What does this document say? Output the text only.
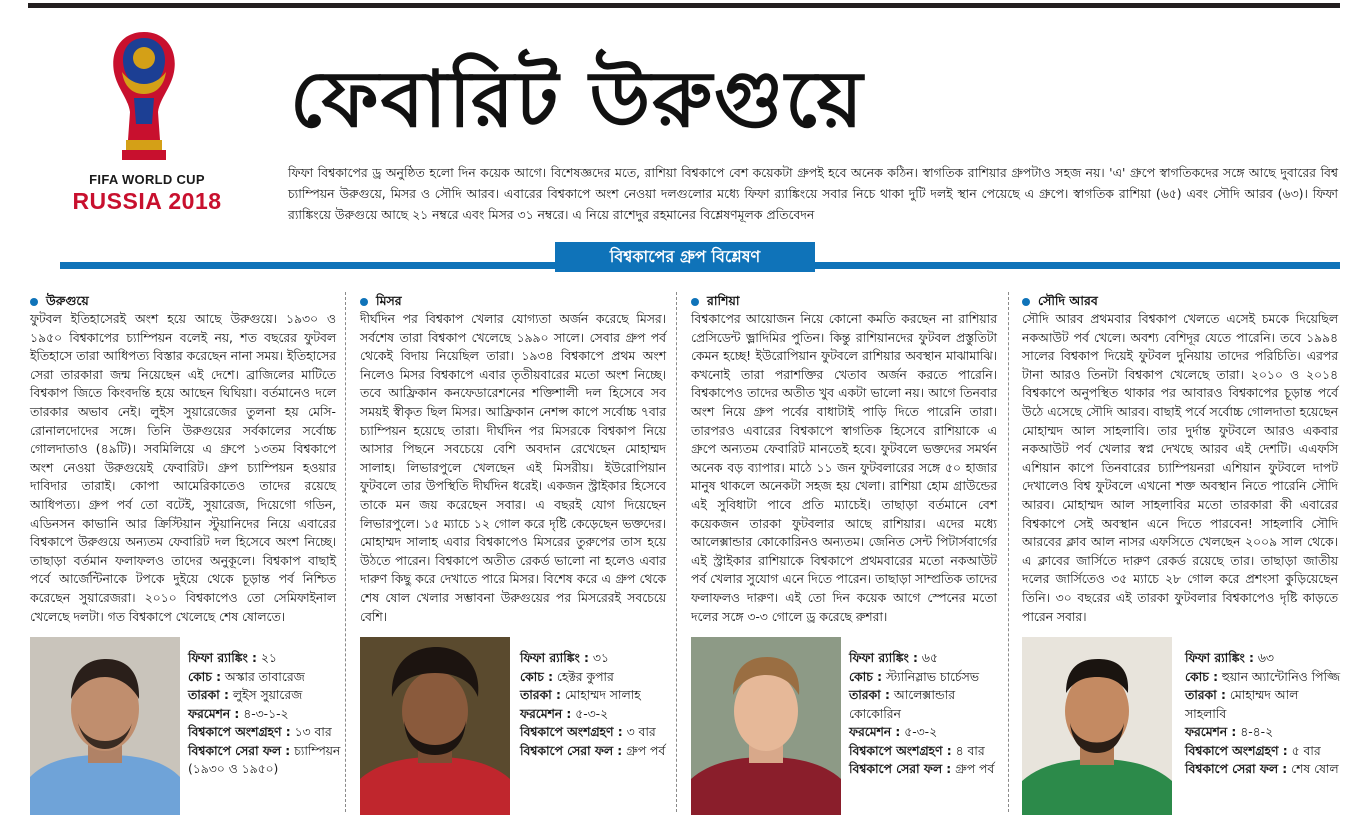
FIFA WORLD CUP
RUSSIA 2018
ফেবারিট উরুগুয়ে

ফিফা বিশ্বকাপের ড্র অনুষ্ঠিত হলো দিন কয়েক আগে। বিশেষজ্ঞদের মতে, রাশিয়া বিশ্বকাপে বেশ কয়েকটা গ্রুপই হবে অনেক কঠিন। স্বাগতিক রাশিয়ার গ্রুপটাও সহজ নয়। 'এ' গ্রুপে স্বাগতিকদের সঙ্গে আছে দুবারের বিশ্ব চ্যাম্পিয়ন উরুগুয়ে, মিসর ও সৌদি আরব। এবারের বিশ্বকাপে অংশ নেওয়া দলগুলোর মধ্যে ফিফা র‍্যাঙ্কিংয়ে সবার নিচে থাকা দুটি দলই স্থান পেয়েছে এ গ্রুপে। স্বাগতিক রাশিয়া (৬৫) এবং সৌদি আরব (৬৩)। ফিফা র‍্যাঙ্কিংয়ে উরুগুয়ে আছে ২১ নম্বরে এবং মিসর ৩১ নম্বরে। এ নিয়ে রাশেদুর রহমানের বিশ্লেষণমূলক প্রতিবেদন

বিশ্বকাপের গ্রুপ বিশ্লেষণ
উরুগুয়ে

ফুটবল ইতিহাসেরই অংশ হয়ে আছে উরুগুয়ে। ১৯৩০ ও ১৯৫০ বিশ্বকাপের চ্যাম্পিয়ন বলেই নয়, শত বছরের ফুটবল ইতিহাসে তারা আধিপত্য বিস্তার করেছেন নানা সময়। ইতিহাসের সেরা তারকারা জন্ম নিয়েছেন এই দেশে। ব্রাজিলের মাটিতে বিশ্বকাপ জিতে কিংবদন্তি হয়ে আছেন ঘিঘিয়া। বর্তমানেও দলে তারকার অভাব নেই। লুইস সুয়ারেজের তুলনা হয় মেসি-রোনালদোদের সঙ্গে। তিনি উরুগুয়ের সর্বকালের সর্বোচ্চ গোলদাতাও (৪৯টি)। সবমিলিয়ে এ গ্রুপে ১৩তম বিশ্বকাপে অংশ নেওয়া উরুগুয়েই ফেবারিট। গ্রুপ চ্যাম্পিয়ন হওয়ার দাবিদার তারাই। কোপা আমেরিকাতেও তাদের রয়েছে আধিপত্য। গ্রুপ পর্ব তো বটেই, সুয়ারেজ, দিয়েগো গডিন, এডিনসন কাভানি আর ক্রিস্টিয়ান স্টুয়ানিদের নিয়ে এবারের বিশ্বকাপে উরুগুয়ে অন্যতম ফেবারিট দল হিসেবে অংশ নিচ্ছে। তাছাড়া বর্তমান ফলাফলও তাদের অনুকূলে। বিশ্বকাপ বাছাই পর্বে আর্জেন্টিনাকে টপকে দুইয়ে থেকে চূড়ান্ত পর্ব নিশ্চিত করেছেন সুয়ারেজরা। ২০১০ বিশ্বকাপেও তো সেমিফাইনাল খেলেছে দলটা। গত বিশ্বকাপে খেলেছে শেষ ষোলতে।

ফিফা র‍্যাঙ্কিং : ২১
কোচ : অস্কার তাবারেজ
তারকা : লুইস সুয়ারেজ
ফরমেশন : ৪-৩-১-২
বিশ্বকাপে অংশগ্রহণ : ১৩ বার
বিশ্বকাপে সেরা ফল : চ্যাম্পিয়ন (১৯৩০ ও ১৯৫০)
মিসর

দীর্ঘদিন পর বিশ্বকাপ খেলার যোগ্যতা অর্জন করেছে মিসর। সর্বশেষ তারা বিশ্বকাপ খেলেছে ১৯৯০ সালে। সেবার গ্রুপ পর্ব থেকেই বিদায় নিয়েছিল তারা। ১৯৩৪ বিশ্বকাপে প্রথম অংশ নিলেও মিসর বিশ্বকাপে এবার তৃতীয়বারের মতো অংশ নিচ্ছে। তবে আফ্রিকান কনফেডারেশনের শক্তিশালী দল হিসেবে সব সময়ই স্বীকৃত ছিল মিসর। আফ্রিকান নেশন্স কাপে সর্বোচ্চ ৭বার চ্যাম্পিয়ন হয়েছে তারা। দীর্ঘদিন পর মিসরকে বিশ্বকাপ নিয়ে আসার পিছনে সবচেয়ে বেশি অবদান রেখেছেন মোহাম্মদ সালাহ। লিভারপুলে খেলছেন এই মিসরীয়। ইউরোপিয়ান ফুটবলে তার উপস্থিতি দীর্ঘদিন ধরেই। একজন স্ট্রাইকার হিসেবে তাকে মন জয় করেছেন সবার। এ বছরই যোগ দিয়েছেন লিভারপুলে। ১৫ ম্যাচে ১২ গোল করে দৃষ্টি কেড়েছেন ভক্তদের। মোহাম্মদ সালাহ এবার বিশ্বকাপেও মিসরের তুরুপের তাস হয়ে উঠতে পারেন। বিশ্বকাপে অতীত রেকর্ড ভালো না হলেও এবার দারুণ কিছু করে দেখাতে পারে মিসর। বিশেষ করে এ গ্রুপ থেকে শেষ ষোল খেলার সম্ভাবনা উরুগুয়ের পর মিসরেরই সবচেয়ে বেশি।

ফিফা র‍্যাঙ্কিং : ৩১
কোচ : হেক্টর কুপার
তারকা : মোহাম্মদ সালাহ
ফরমেশন : ৫-৩-২
বিশ্বকাপে অংশগ্রহণ : ৩ বার
বিশ্বকাপে সেরা ফল : গ্রুপ পর্ব
রাশিয়া

বিশ্বকাপের আয়োজন নিয়ে কোনো কমতি করছেন না রাশিয়ার প্রেসিডেন্ট ভ্লাদিমির পুতিন। কিন্তু রাশিয়ানদের ফুটবল প্রস্তুতিটা কেমন হচ্ছে! ইউরোপিয়ান ফুটবলে রাশিয়ার অবস্থান মাঝামাঝি। কখনোই তারা পরাশক্তির খেতাব অর্জন করতে পারেনি। বিশ্বকাপেও তাদের অতীত খুব একটা ভালো নয়। আগে তিনবার অংশ নিয়ে গ্রুপ পর্বের বাধাটাই পাড়ি দিতে পারেনি তারা। তারপরও এবারের বিশ্বকাপে স্বাগতিক হিসেবে রাশিয়াকে এ গ্রুপে অন্যতম ফেবারিট মানতেই হবে। ফুটবলে ভক্তদের সমর্থন অনেক বড় ব্যাপার। মাঠে ১১ জন ফুটবলারের সঙ্গে ৫০ হাজার মানুষ থাকলে অনেকটা সহজ হয় খেলা। রাশিয়া হোম গ্রাউন্ডের এই সুবিধাটা পাবে প্রতি ম্যাচেই। তাছাড়া বর্তমানে বেশ কয়েকজন তারকা ফুটবলার আছে রাশিয়ার। এদের মধ্যে আলেক্সান্ডার কোকোরিনও অন্যতম। জেনিত সেন্ট পিটার্সবার্গের এই স্ট্রাইকার রাশিয়াকে বিশ্বকাপে প্রথমবারের মতো নকআউট পর্ব খেলার সুযোগ এনে দিতে পারেন। তাছাড়া সাম্প্রতিক তাদের ফলাফলও দারুণ। এই তো দিন কয়েক আগে স্পেনের মতো দলের সঙ্গে ৩-৩ গোলে ড্র করেছে রুশরা।

ফিফা র‍্যাঙ্কিং : ৬৫
কোচ : স্ট্যানিস্লাভ চার্চেসভ
তারকা : আলেক্সান্ডার কোকোরিন
ফরমেশন : ৫-৩-২
বিশ্বকাপে অংশগ্রহণ : ৪ বার
বিশ্বকাপে সেরা ফল : গ্রুপ পর্ব
সৌদি আরব

সৌদি আরব প্রথমবার বিশ্বকাপ খেলতে এসেই চমকে দিয়েছিল নকআউট পর্ব খেলে। অবশ্য বেশিদূর যেতে পারেনি। তবে ১৯৯৪ সালের বিশ্বকাপ দিয়েই ফুটবল দুনিয়ায় তাদের পরিচিতি। এরপর টানা আরও তিনটা বিশ্বকাপ খেলেছে তারা। ২০১০ ও ২০১৪ বিশ্বকাপে অনুপস্থিত থাকার পর আবারও বিশ্বকাপের চূড়ান্ত পর্বে উঠে এসেছে সৌদি আরব। বাছাই পর্বে সর্বোচ্চ গোলদাতা হয়েছেন মোহাম্মদ আল সাহলাবি। তার দুর্দান্ত ফুটবলে আরও একবার নকআউট পর্ব খেলার স্বপ্ন দেখছে আরব এই দেশটি। এএফসি এশিয়ান কাপে তিনবারের চ্যাম্পিয়নরা এশিয়ান ফুটবলে দাপট দেখালেও বিশ্ব ফুটবলে এখনো শক্ত অবস্থান নিতে পারেনি সৌদি আরব। মোহাম্মদ আল সাহলাবির মতো তারকারা কী এবারের বিশ্বকাপে সেই অবস্থান এনে দিতে পারবেন! সাহলাবি সৌদি আরবের ক্লাব আল নাসর এফসিতে খেলছেন ২০০৯ সাল থেকে। এ ক্লাবের জার্সিতে দারুণ রেকর্ড রয়েছে তার। তাছাড়া জাতীয় দলের জার্সিতেও ৩৫ ম্যাচে ২৮ গোল করে প্রশংসা কুড়িয়েছেন তিনি। ৩০ বছরের এই তারকা ফুটবলার বিশ্বকাপেও দৃষ্টি কাড়তে পারেন সবার।

ফিফা র‍্যাঙ্কিং : ৬৩
কোচ : হুয়ান অ্যান্টোনিও পিজ্জি
তারকা : মোহাম্মদ আল সাহলাবি
ফরমেশন : ৪-৪-২
বিশ্বকাপে অংশগ্রহণ : ৫ বার
বিশ্বকাপে সেরা ফল : শেষ ষোল
